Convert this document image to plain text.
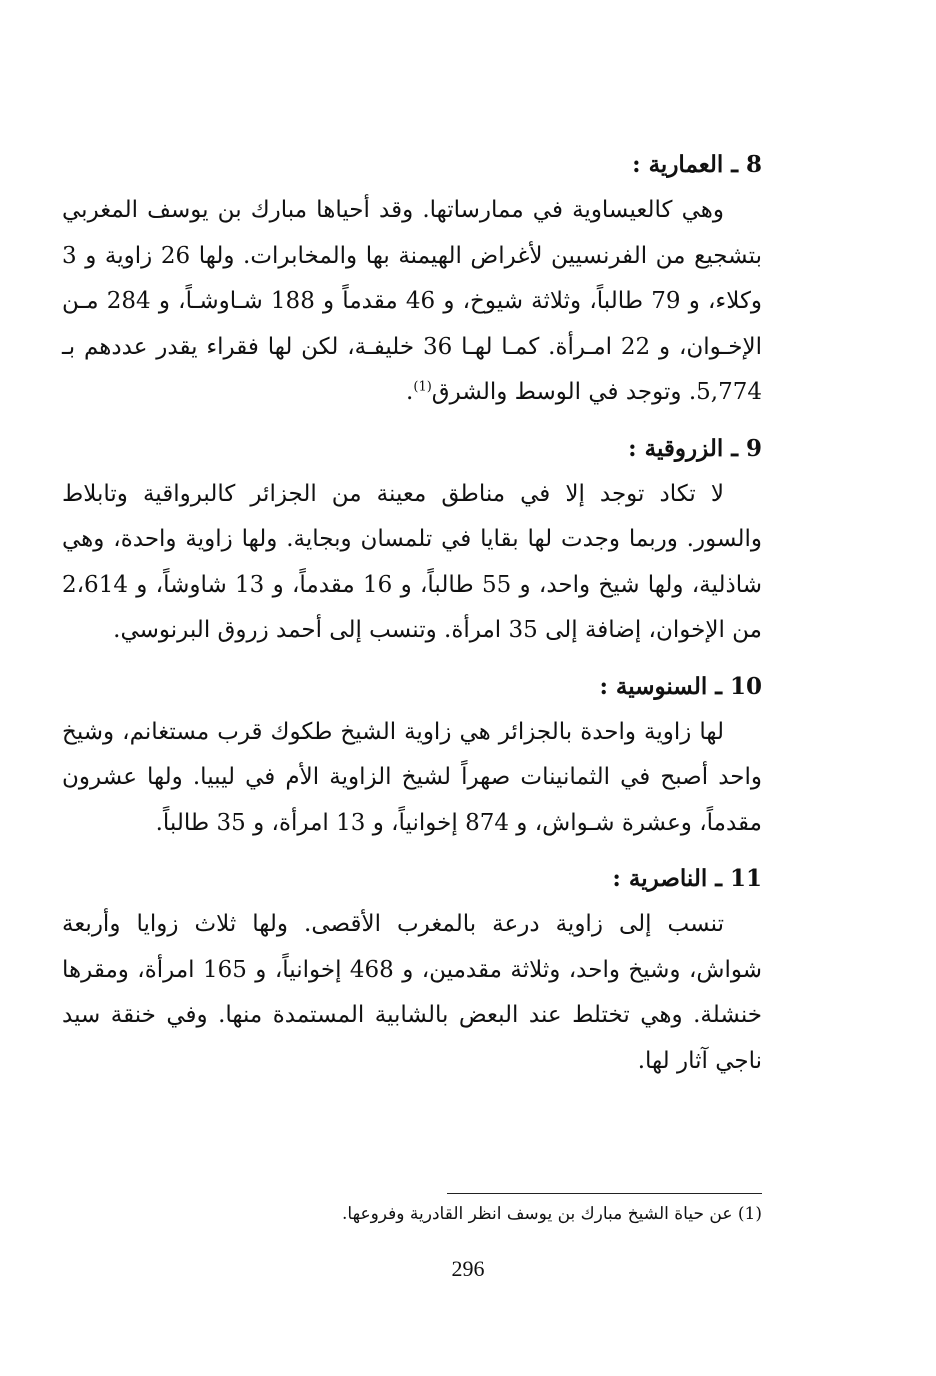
8 ـ العمارية :

وهي كالعيساوية في ممارساتها. وقد أحياها مبارك بن يوسف المغربي بتشجيع من الفرنسيين لأغراض الهيمنة بها والمخابرات. ولها 26 زاوية و 3 وكلاء، و 79 طالباً، وثلاثة شيوخ، و 46 مقدماً و 188 شـاوشـاً، و 284 مـن الإخـوان، و 22 امـرأة. كمـا لهـا 36 خليفـة، لكن لها فقراء يقدر عددهم بـ 5,774. وتوجد في الوسط والشرق$^{(1)}$.

9 ـ الزروقية :

لا تكاد توجد إلا في مناطق معينة من الجزائر كالبرواقية وتابلاط والسور. وربما وجدت لها بقايا في تلمسان وبجاية. ولها زاوية واحدة، وهي شاذلية، ولها شيخ واحد، و 55 طالباً، و 16 مقدماً، و 13 شاوشاً، و 2،614 من الإخوان، إضافة إلى 35 امرأة. وتنسب إلى أحمد زروق البرنوسي.

10 ـ السنوسية :

لها زاوية واحدة بالجزائر هي زاوية الشيخ طكوك قرب مستغانم، وشيخ واحد أصبح في الثمانينات صهراً لشيخ الزاوية الأم في ليبيا. ولها عشرون مقدماً، وعشرة شـواش، و 874 إخوانياً، و 13 امرأة، و 35 طالباً.

11 ـ الناصرية :

تنسب إلى زاوية درعة بالمغرب الأقصى. ولها ثلاث زوايا وأربعة شواش، وشيخ واحد، وثلاثة مقدمين، و 468 إخوانياً، و 165 امرأة، ومقرها خنشلة. وهي تختلط عند البعض بالشابية المستمدة منها. وفي خنقة سيد ناجي آثار لها.

(1) عن حياة الشيخ مبارك بن يوسف انظر القادرية وفروعها.
296
